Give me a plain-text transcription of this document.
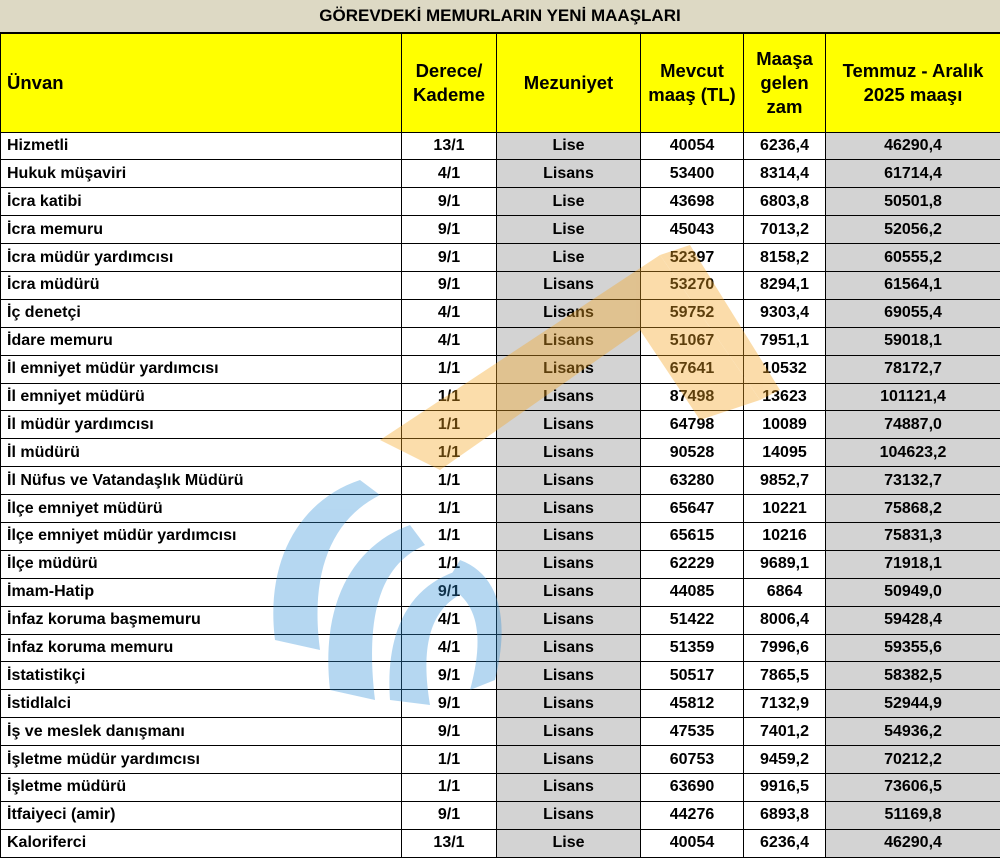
GÖREVDEKİ MEMURLARIN YENİ MAAŞLARI
Ünvan	Derece/ Kademe	Mezuniyet	Mevcut maaş (TL)	Maaşa gelen zam	Temmuz - Aralık 2025 maaşı
Hizmetli	13/1	Lise	40054	6236,4	46290,4
Hukuk müşaviri	4/1	Lisans	53400	8314,4	61714,4
İcra katibi	9/1	Lise	43698	6803,8	50501,8
İcra memuru	9/1	Lise	45043	7013,2	52056,2
İcra müdür yardımcısı	9/1	Lise	52397	8158,2	60555,2
İcra müdürü	9/1	Lisans	53270	8294,1	61564,1
İç denetçi	4/1	Lisans	59752	9303,4	69055,4
İdare memuru	4/1	Lisans	51067	7951,1	59018,1
İl emniyet müdür yardımcısı	1/1	Lisans	67641	10532	78172,7
İl emniyet müdürü	1/1	Lisans	87498	13623	101121,4
İl müdür yardımcısı	1/1	Lisans	64798	10089	74887,0
İl müdürü	1/1	Lisans	90528	14095	104623,2
İl Nüfus ve Vatandaşlık Müdürü	1/1	Lisans	63280	9852,7	73132,7
İlçe emniyet müdürü	1/1	Lisans	65647	10221	75868,2
İlçe emniyet müdür yardımcısı	1/1	Lisans	65615	10216	75831,3
İlçe müdürü	1/1	Lisans	62229	9689,1	71918,1
İmam-Hatip	9/1	Lisans	44085	6864	50949,0
İnfaz koruma başmemuru	4/1	Lisans	51422	8006,4	59428,4
İnfaz koruma memuru	4/1	Lisans	51359	7996,6	59355,6
İstatistikçi	9/1	Lisans	50517	7865,5	58382,5
İstidlalci	9/1	Lisans	45812	7132,9	52944,9
İş ve meslek danışmanı	9/1	Lisans	47535	7401,2	54936,2
İşletme müdür yardımcısı	1/1	Lisans	60753	9459,2	70212,2
İşletme müdürü	1/1	Lisans	63690	9916,5	73606,5
İtfaiyeci (amir)	9/1	Lisans	44276	6893,8	51169,8
Kaloriferci	13/1	Lise	40054	6236,4	46290,4
